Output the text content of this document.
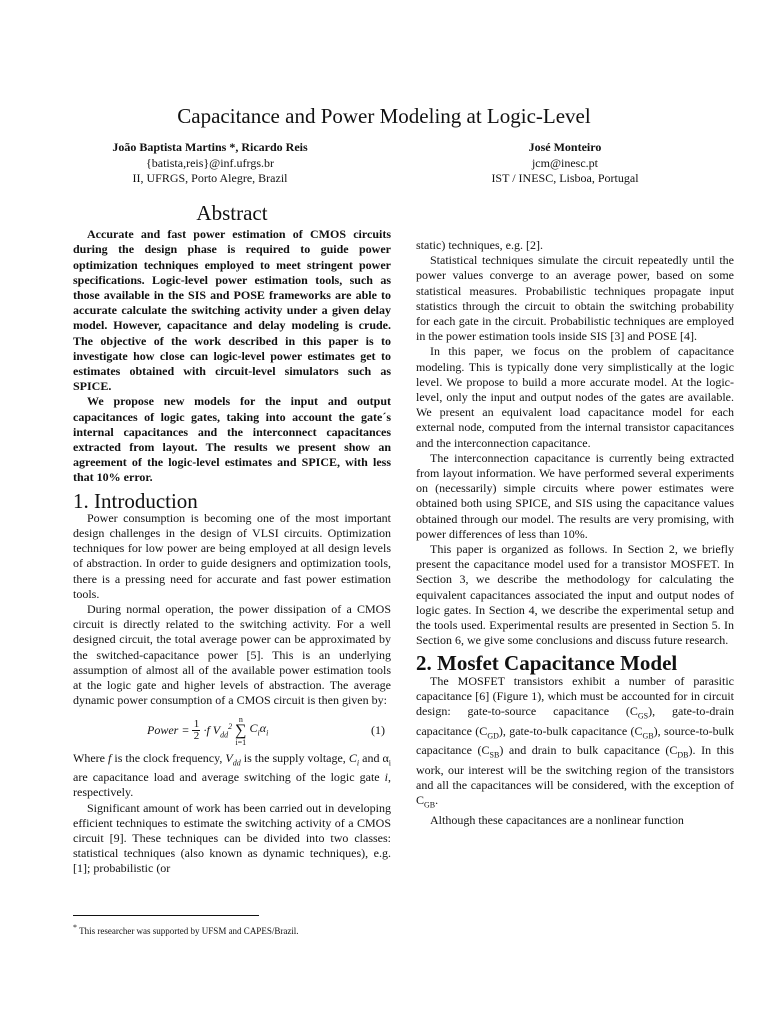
Capacitance and Power Modeling at Logic-Level
João Baptista Martins *, Ricardo Reis
{batista,reis}@inf.ufrgs.br
II, UFRGS, Porto Alegre, Brazil
José Monteiro
jcm@inesc.pt
IST / INESC, Lisboa, Portugal
Abstract

Accurate and fast power estimation of CMOS circuits during the design phase is required to guide power optimization techniques employed to meet stringent power specifications. Logic-level power estimation tools, such as those available in the SIS and POSE frameworks are able to accurate calculate the switching activity under a given delay model. However, capacitance and delay modeling is crude. The objective of the work described in this paper is to investigate how close can logic-level power estimates get to estimates obtained with circuit-level simulators such as SPICE.

We propose new models for the input and output capacitances of logic gates, taking into account the gate´s internal capacitances and the interconnect capacitances extracted from layout. The results we present show an agreement of the logic-level estimates and SPICE, with less that 10% error.

1. Introduction

Power consumption is becoming one of the most important design challenges in the design of VLSI circuits. Optimization techniques for low power are being employed at all design levels of abstraction. In order to guide designers and optimization tools, there is a pressing need for accurate and fast power estimation tools.

During normal operation, the power dissipation of a CMOS circuit is directly related to the switching activity. For a well designed circuit, the total average power can be approximated by the switched-capacitance power [5]. This is an underlying assumption of almost all of the available power estimation tools at the logic gate and higher levels of abstraction. The average dynamic power consumption of a CMOS circuit is then given by:

Power = $\frac{1}{2} \cdot f$ $V_{dd}^2$
n
∑
i=1
$C_i\alpha_i$	(1)

Where f is the clock frequency, $V_{dd}$ is the supply voltage, $C_i$ and $\alpha_i$ are capacitance load and average switching of the logic gate i, respectively.

Significant amount of work has been carried out in developing efficient techniques to estimate the switching activity of a CMOS circuit [9]. These techniques can be divided into two classes: statistical techniques (also known as dynamic techniques), e.g. [1]; probabilistic (or

static) techniques, e.g. [2].

Statistical techniques simulate the circuit repeatedly until the power values converge to an average power, based on some statistical measures. Probabilistic techniques propagate input statistics through the circuit to obtain the switching probability for each gate in the circuit. Probabilistic techniques are employed in the power estimation tools inside SIS [3] and POSE [4].

In this paper, we focus on the problem of capacitance modeling. This is typically done very simplistically at the logic level. We propose to build a more accurate model. At the logic-level, only the input and output nodes of the gates are available. We present an equivalent load capacitance model for each external node, computed from the internal transistor capacitances and the interconnection capacitance.

The interconnection capacitance is currently being extracted from layout information. We have performed several experiments on (necessarily) simple circuits where power estimates were obtained both using SPICE, and SIS using the capacitance values obtained through our model. The results are very promising, with power differences of less than 10%.

This paper is organized as follows. In Section 2, we briefly present the capacitance model used for a transistor MOSFET. In Section 3, we describe the methodology for calculating the equivalent capacitances associated the input and output nodes of logic gates. In Section 4, we describe the experimental setup and the tools used. Experimental results are presented in Section 5. In Section 6, we give some conclusions and discuss future research.

2. Mosfet Capacitance Model

The MOSFET transistors exhibit a number of parasitic capacitance [6] (Figure 1), which must be accounted for in circuit design: gate-to-source capacitance $(C_{GS})$, gate-to-drain capacitance $(C_{GD})$, gate-to-bulk capacitance $(C_{GB})$, source-to-bulk capacitance $(C_{SB})$ and drain to bulk capacitance $(C_{DB})$. In this work, our interest will be the switching region of the transistors and all the capacitances will be considered, with the exception of $C_{GB}$.

Although these capacitances are a nonlinear function

* This researcher was supported by UFSM and CAPES/Brazil.
